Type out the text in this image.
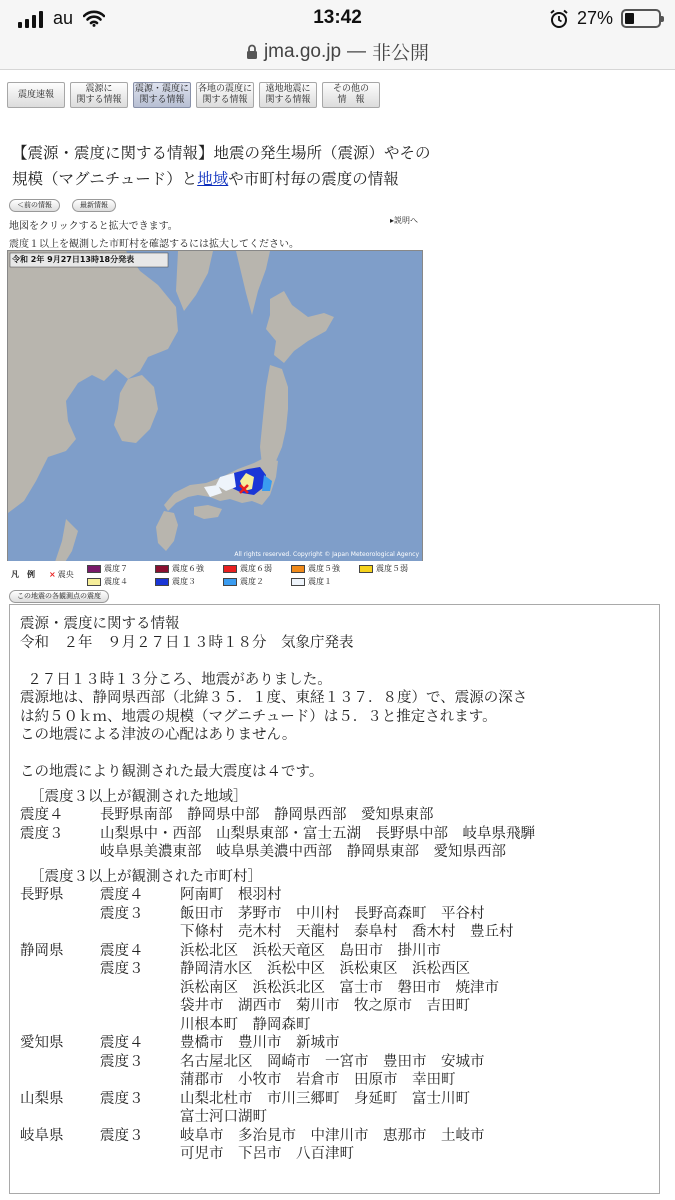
au	13:42	27%
jma.go.jp — 非公開
震度速報
震源に
関する情報
震源・震度に
関する情報
各地の震度に
関する情報
遠地地震に
関する情報
その他の
情　報
【震源・震度に関する情報】地震の発生場所（震源）やその規模（マグニチュード）と地域や市町村毎の震度の情報
＜前の情報	最新情報
▸説明へ
地図をクリックすると拡大できます。
震度１以上を観測した市町村を確認するには拡大してください。
令和 2年 9月27日13時18分発表
All rights reserved. Copyright © Japan Meteorological Agency
凡　例 × 震央
震度７	震度６強	震度６弱	震度５強	震度５弱
震度４	震度３	震度２	震度１
この地震の各観測点の震度
震源・震度に関する情報
令和　２年　９月２７日１３時１８分　気象庁発表
２７日１３時１３分ころ、地震がありました。
震源地は、静岡県西部（北緯３５．１度、東経１３７．８度）で、震源の深さ
は約５０ｋｍ、地震の規模（マグニチュード）は５．３と推定されます。
この地震による津波の心配はありません。
この地震により観測された最大震度は４です。
［震度３以上が観測された地域］
震度４	長野県南部　静岡県中部　静岡県西部　愛知県東部
震度３	山梨県中・西部　山梨県東部・富士五湖　長野県中部　岐阜県飛騨
岐阜県美濃東部　岐阜県美濃中西部　静岡県東部　愛知県西部
［震度３以上が観測された市町村］
長野県	震度４	阿南町　根羽村
震度３	飯田市　茅野市　中川村　長野高森町　平谷村
下條村　売木村　天龍村　泰阜村　喬木村　豊丘村
静岡県	震度４	浜松北区　浜松天竜区　島田市　掛川市
震度３	静岡清水区　浜松中区　浜松東区　浜松西区
浜松南区　浜松浜北区　富士市　磐田市　焼津市
袋井市　湖西市　菊川市　牧之原市　吉田町
川根本町　静岡森町
愛知県	震度４	豊橋市　豊川市　新城市
震度３	名古屋北区　岡崎市　一宮市　豊田市　安城市
蒲郡市　小牧市　岩倉市　田原市　幸田町
山梨県	震度３	山梨北杜市　市川三郷町　身延町　富士川町
富士河口湖町
岐阜県	震度３	岐阜市　多治見市　中津川市　恵那市　土岐市
可児市　下呂市　八百津町
